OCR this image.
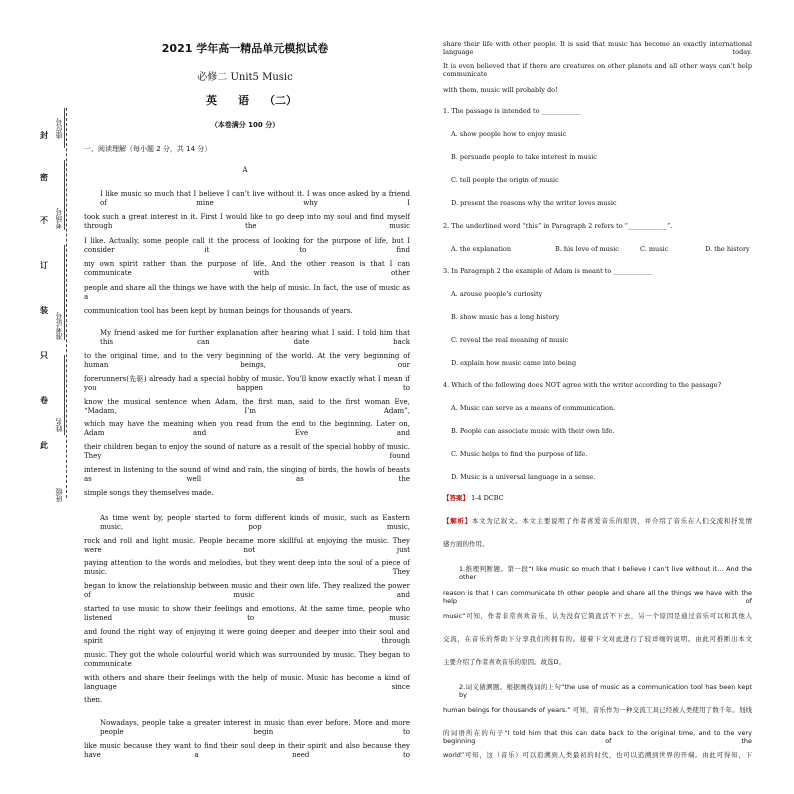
封
密
不
订
装
只
卷
此
座位号
考场号
准考证号
姓名
班级
2021 学年高一精品单元模拟试卷
必修二 Unit5 Music
英 语 （二）
（本卷满分 100 分）
一、阅读理解（每小题 2 分，共 14 分）
A
I like music so much that I believe I can’t live without it. I was once asked by a friend of mine why I
took such a great interest in it. First I would like to go deep into my soul and find myself through the music
I like. Actually, some people call it the process of looking for the purpose of life, but I consider it to find
my own spirit rather than the purpose of life. And the other reason is that I can communicate with other
people and share all the things we have with the help of music. In fact, the use of music as a
communication tool has been kept by human beings for thousands of years.
My friend asked me for further explanation after hearing what I said. I told him that this can date back
to the original time, and to the very beginning of the world. At the very beginning of human beings, our
forerunners(先驱) already had a special hobby of music. You’ll know exactly what I mean if you happen to
know the musical sentence when Adam, the first man, said to the first woman Eve, “Madam, I’m Adam”,
which may have the meaning when you read from the end to the beginning. Later on, Adam and Eve and
their children began to enjoy the sound of nature as a result of the special hobby of music. They found
interest in listening to the sound of wind and rain, the singing of birds, the howls of beasts as well as the
simple songs they themselves made.
As time went by, people started to form different kinds of music, such as Eastern music, pop music,
rock and roll and light music. People became more skillful at enjoying the music. They were not just
paying attention to the words and melodies, but they went deep into the soul of a piece of music. They
began to know the relationship between music and their own life. They realized the power of music and
started to use music to show their feelings and emotions. At the same time, people who listened to music
and found the right way of enjoying it were going deeper and deeper into their soul and spirit through
music. They got the whole colourful world which was surrounded by music. They began to communicate
with others and share their feelings with the help of music. Music has become a kind of language since
then.
Nowadays, people take a greater interest in music than ever before. More and more people begin to
like music because they want to find their soul deep in their spirit and also because they have a need to
share their life with other people. It is said that music has become an exactly international language today.
It is even believed that if there are creatures on other planets and all other ways can’t help communicate
with them, music will probably do!
1. The passage is intended to ____________
A. show people how to enjoy music
B. persuade people to take interest in music
C. tell people the origin of music
D. present the reasons why the writer loves music
2. The underlined word “this” in Paragraph 2 refers to “____________”.
A. the explanation	B. his love of music	C. music	D. the history
3. In Paragraph 2 the example of Adam is meant to ____________
A. arouse people’s curiosity
B. show music has a long history
C. reveal the real meaning of music
D. explain how music came into being
4. Which of the following does NOT agree with the writer according to the passage?
A. Music can serve as a means of communication.
B. People can associate music with their own life.
C. Music helps to find the purpose of life.
D. Music is a universal language in a sense.
【答案】 1-4 DCBC
【解析】本文为记叙文。本文主要说明了作者喜爱音乐的原因，并介绍了音乐在人们交流和抒发情
感方面的作用。
1.推理判断题。第一段“I like music so much that I believe I can’t live without it… And the other
reason is that I can communicate th other people and share all the things we have with the help of
music”可知，作者非常喜欢音乐，认为没有它简直活不下去，另一个原因是通过音乐可以和其他人
交流，在音乐的帮助下分享我们所拥有的。接着下文对此进行了较详细的说明。由此可推断出本文
主要介绍了作者喜欢音乐的原因。故选D。
2.词义猜测题。根据画线词的上句“the use of music as a communication tool has been kept by
human beings for thousands of years.” 可知，音乐作为一种交流工具已经被人类使用了数千年。划线
的词语所在的句子“I told him that this can date back to the original time, and to the very beginning of the
world”可知，这（音乐）可以追溯到人类最初的时代，也可以追溯到世界的开端。由此可得知，下
